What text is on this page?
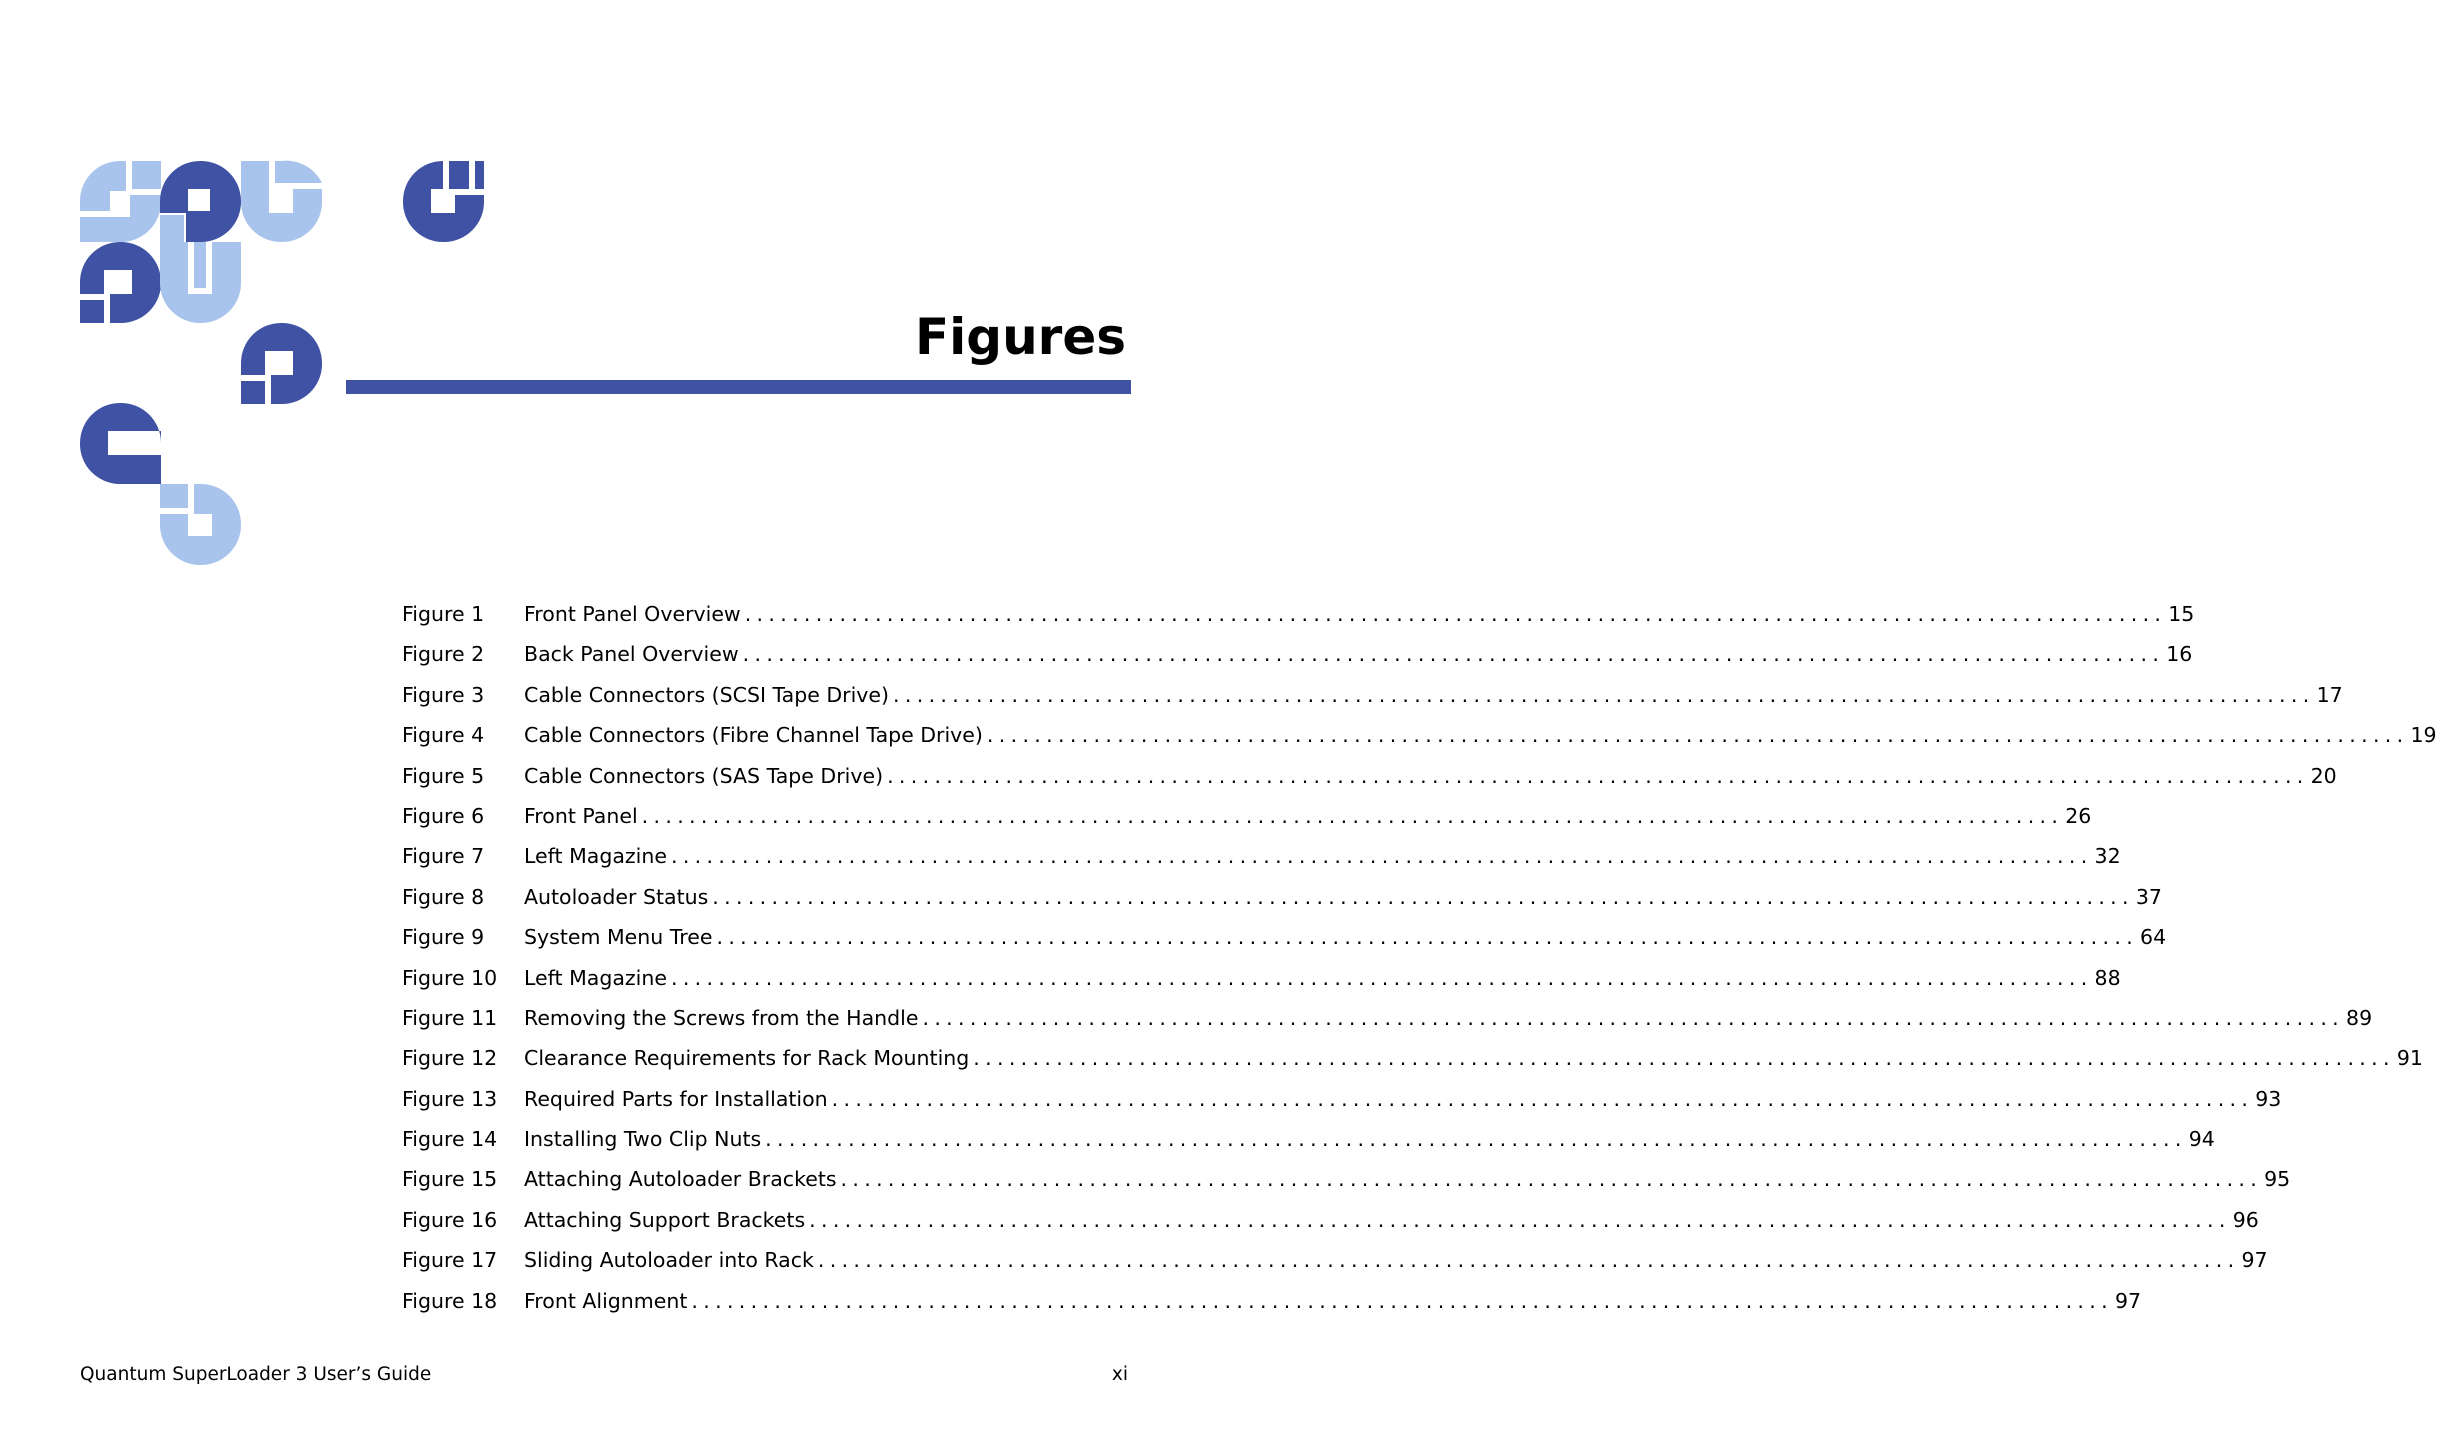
Figures
Figure 1	Front Panel Overview ........................................................................................................................ 15
Figure 2	Back Panel Overview ........................................................................................................................ 16
Figure 3	Cable Connectors (SCSI Tape Drive) ........................................................................................................................ 17
Figure 4	Cable Connectors (Fibre Channel Tape Drive) ........................................................................................................................ 19
Figure 5	Cable Connectors (SAS Tape Drive) ........................................................................................................................ 20
Figure 6	Front Panel ........................................................................................................................ 26
Figure 7	Left Magazine ........................................................................................................................ 32
Figure 8	Autoloader Status ........................................................................................................................ 37
Figure 9	System Menu Tree ........................................................................................................................ 64
Figure 10	Left Magazine ........................................................................................................................ 88
Figure 11	Removing the Screws from the Handle ........................................................................................................................ 89
Figure 12	Clearance Requirements for Rack Mounting ........................................................................................................................ 91
Figure 13	Required Parts for Installation ........................................................................................................................ 93
Figure 14	Installing Two Clip Nuts ........................................................................................................................ 94
Figure 15	Attaching Autoloader Brackets ........................................................................................................................ 95
Figure 16	Attaching Support Brackets ........................................................................................................................ 96
Figure 17	Sliding Autoloader into Rack ........................................................................................................................ 97
Figure 18	Front Alignment ........................................................................................................................ 97
Quantum SuperLoader 3 User’s Guide	xi
